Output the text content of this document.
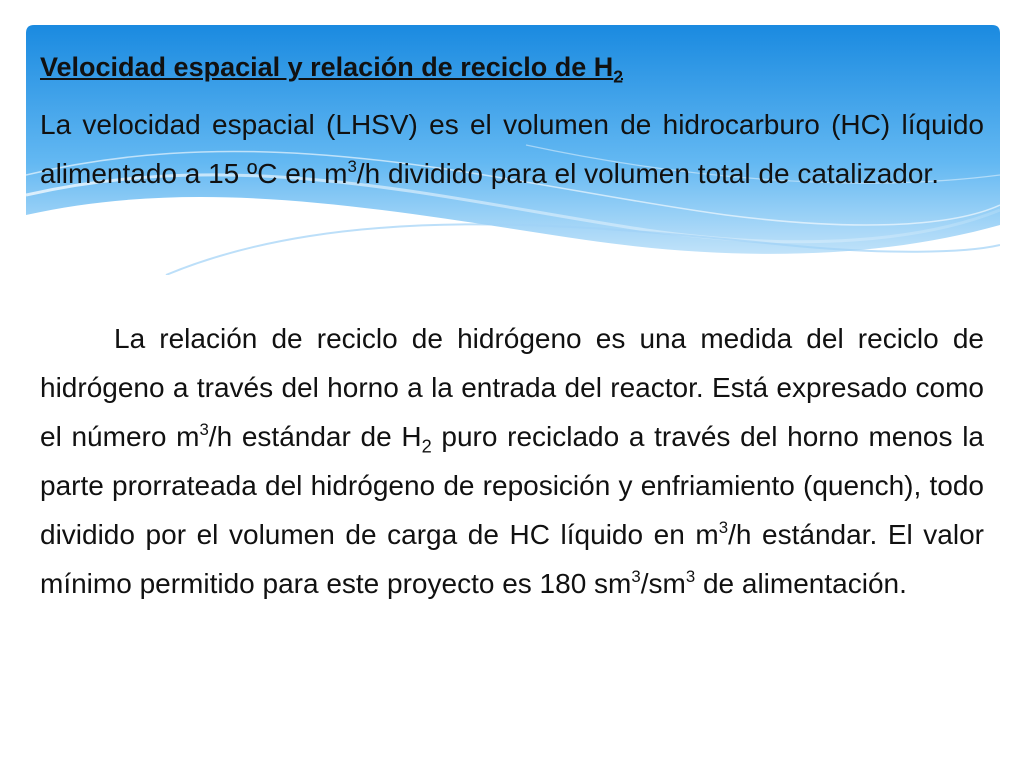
Velocidad espacial y relación de reciclo de $H_2$
La velocidad espacial (LHSV) es el volumen de hidrocarburo (HC) líquido alimentado a 15 ºC en $m^3/h$ dividido para el volumen total de catalizador.
La relación de reciclo de hidrógeno es una medida del reciclo de hidrógeno a través del horno a la entrada del reactor. Está expresado como el número $m^3/h$ estándar de $H_2$ puro reciclado a través del horno menos la parte prorrateada del hidrógeno de reposición y enfriamiento (quench), todo dividido por el volumen de carga de HC líquido en $m^3/h$ estándar. El valor mínimo permitido para este proyecto es 180 $sm^3/sm^3$ de alimentación.
